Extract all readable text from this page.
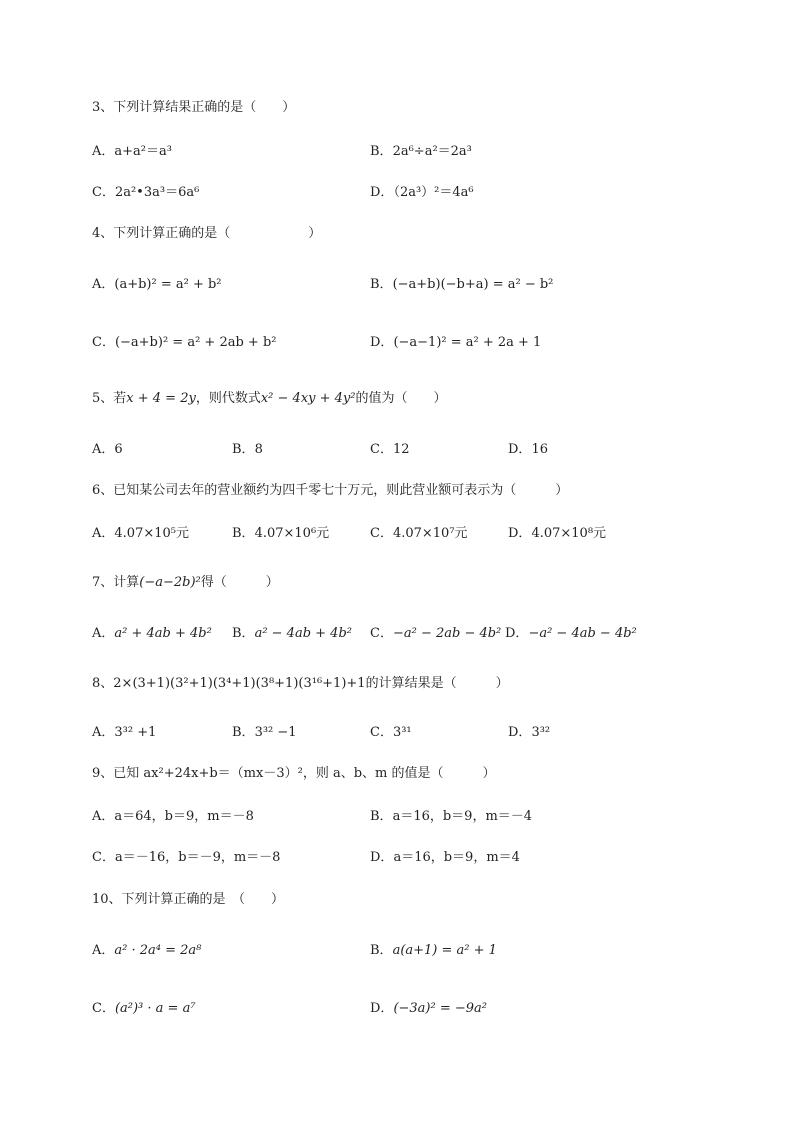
3、下列计算结果正确的是（　　）
A．a+a²＝a³	B．2a⁶÷a²＝2a³
C．2a²•3a³＝6a⁶	D．（2a³）²＝4a⁶
4、下列计算正确的是（　　　　　　）
A．(a+b)² = a² + b²	B．(−a+b)(−b+a) = a² − b²
C．(−a+b)² = a² + 2ab + b²	D．(−a−1)² = a² + 2a + 1
5、若x + 4 = 2y，则代数式x² − 4xy + 4y²的值为（　　）
A．6	B．8	C．12	D．16
6、已知某公司去年的营业额约为四千零七十万元，则此营业额可表示为（　　　）
A．4.07×10⁵元	B．4.07×10⁶元	C．4.07×10⁷元	D．4.07×10⁸元
7、计算(−a−2b)²得（　　　）
A．a² + 4ab + 4b² B．a² − 4ab + 4b² C．−a² − 2ab − 4b² D．−a² − 4ab − 4b²
8、2×(3+1)(3²+1)(3⁴+1)(3⁸+1)(3¹⁶+1)+1的计算结果是（　　　）
A．3³² +1	B．3³² −1	C．3³¹	D．3³²
9、已知 ax²+24x+b＝（mx－3）²，则 a、b、m 的值是（　　　）
A．a＝64，b＝9，m＝－8	B．a＝16，b＝9，m＝－4
C．a＝－16，b＝－9，m＝－8	D．a＝16，b＝9，m＝4
10、下列计算正确的是　（　　）
A．a² · 2a⁴ = 2a⁸	B．a(a+1) = a² + 1
C．(a²)³ · a = a⁷	D．(−3a)² = −9a²
